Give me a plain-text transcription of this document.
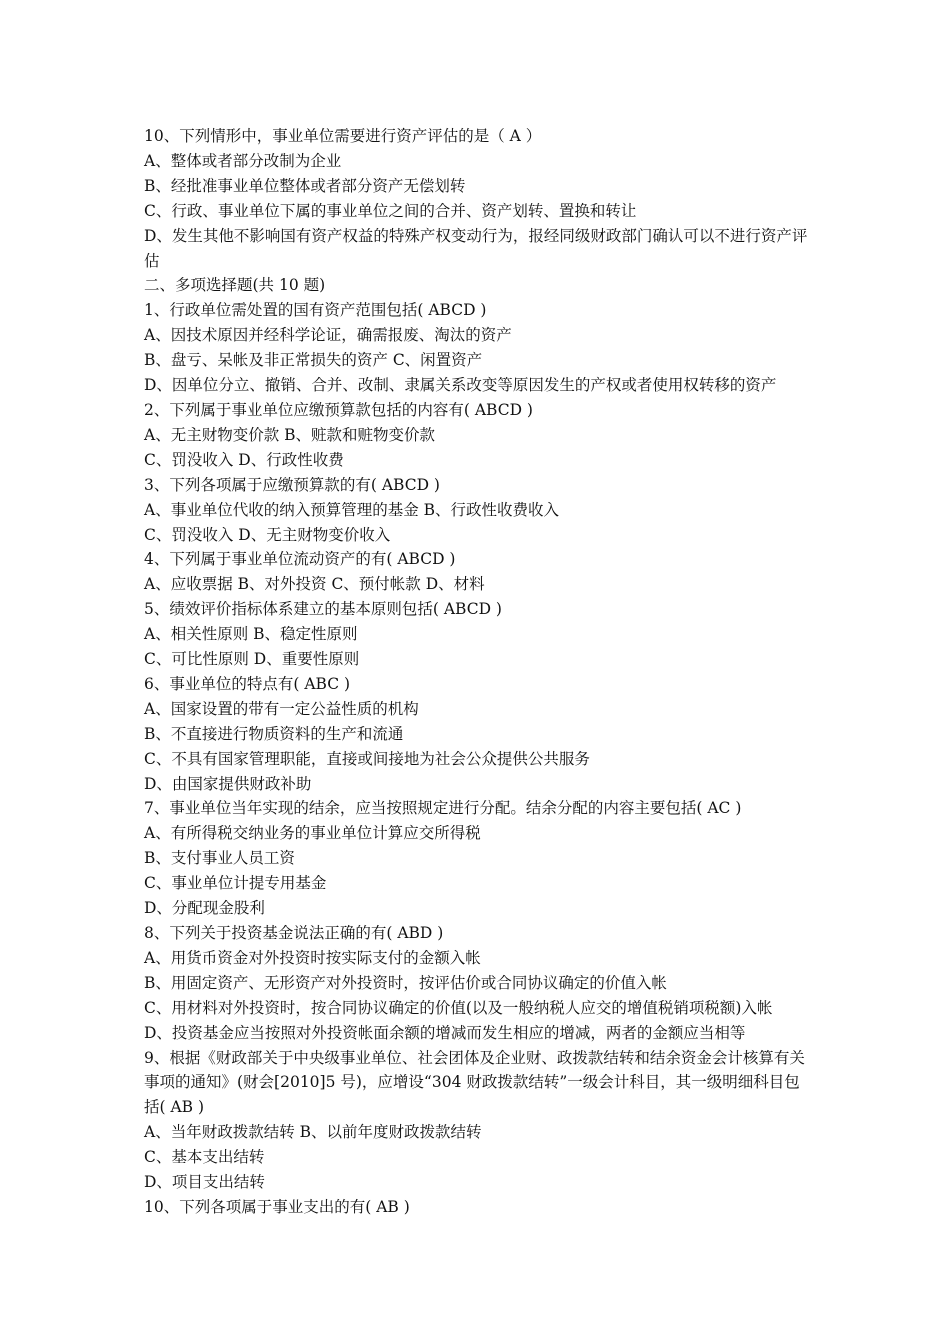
10、下列情形中，事业单位需要进行资产评估的是（ A ）
A、整体或者部分改制为企业
B、经批准事业单位整体或者部分资产无偿划转
C、行政、事业单位下属的事业单位之间的合并、资产划转、置换和转让
D、发生其他不影响国有资产权益的特殊产权变动行为，报经同级财政部门确认可以不进行资产评估
二、多项选择题(共 10 题)
1、行政单位需处置的国有资产范围包括( ABCD )
A、因技术原因并经科学论证，确需报废、淘汰的资产
B、盘亏、呆帐及非正常损失的资产 C、闲置资产
D、因单位分立、撤销、合并、改制、隶属关系改变等原因发生的产权或者使用权转移的资产
2、下列属于事业单位应缴预算款包括的内容有( ABCD )
A、无主财物变价款 B、赃款和赃物变价款
C、罚没收入 D、行政性收费
3、下列各项属于应缴预算款的有( ABCD )
A、事业单位代收的纳入预算管理的基金 B、行政性收费收入
C、罚没收入 D、无主财物变价收入
4、下列属于事业单位流动资产的有( ABCD )
A、应收票据 B、对外投资 C、预付帐款 D、材料
5、绩效评价指标体系建立的基本原则包括( ABCD )
A、相关性原则 B、稳定性原则
C、可比性原则 D、重要性原则
6、事业单位的特点有( ABC )
A、国家设置的带有一定公益性质的机构
B、不直接进行物质资料的生产和流通
C、不具有国家管理职能，直接或间接地为社会公众提供公共服务
D、由国家提供财政补助
7、事业单位当年实现的结余，应当按照规定进行分配。结余分配的内容主要包括( AC )
A、有所得税交纳业务的事业单位计算应交所得税
B、支付事业人员工资
C、事业单位计提专用基金
D、分配现金股利
8、下列关于投资基金说法正确的有( ABD )
A、用货币资金对外投资时按实际支付的金额入帐
B、用固定资产、无形资产对外投资时，按评估价或合同协议确定的价值入帐
C、用材料对外投资时，按合同协议确定的价值(以及一般纳税人应交的增值税销项税额)入帐
D、投资基金应当按照对外投资帐面余额的增减而发生相应的增减，两者的金额应当相等
9、根据《财政部关于中央级事业单位、社会团体及企业财、政拨款结转和结余资金会计核算有关事项的通知》(财会[2010]5 号)，应增设“304 财政拨款结转”一级会计科目，其一级明细科目包括( AB )
A、当年财政拨款结转 B、以前年度财政拨款结转
C、基本支出结转
D、项目支出结转
10、下列各项属于事业支出的有( AB )
